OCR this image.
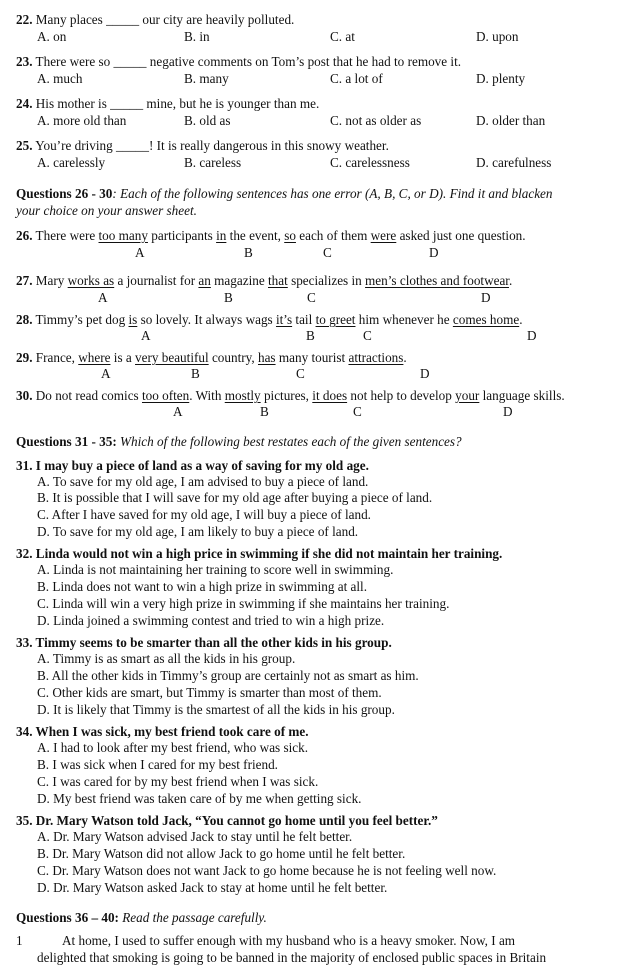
22. Many places _____ our city are heavily polluted.
A. on	B. in	C. at	D. upon
23. There were so _____ negative comments on Tom’s post that he had to remove it.
A. much	B. many	C. a lot of	D. plenty
24. His mother is _____ mine, but he is younger than me.
A. more old than	B. old as	C. not as older as	D. older than
25. You’re driving _____! It is really dangerous in this snowy weather.
A. carelessly	B. careless	C. carelessness	D. carefulness
Questions 26 - 30: Each of the following sentences has one error (A, B, C, or D). Find it and blacken
your choice on your answer sheet.
26. There were too many participants in the event, so each of them were asked just one question.
A	B	C	D
27. Mary works as a journalist for an magazine that specializes in men’s clothes and footwear.
A	B	C	D
28. Timmy’s pet dog is so lovely. It always wags it’s tail to greet him whenever he comes home.
A	B	C	D
29. France, where is a very beautiful country, has many tourist attractions.
A	B	C	D
30. Do not read comics too often. With mostly pictures, it does not help to develop your language skills.
A	B	C	D
Questions 31 - 35: Which of the following best restates each of the given sentences?
31. I may buy a piece of land as a way of saving for my old age.
A. To save for my old age, I am advised to buy a piece of land.
B. It is possible that I will save for my old age after buying a piece of land.
C. After I have saved for my old age, I will buy a piece of land.
D. To save for my old age, I am likely to buy a piece of land.
32. Linda would not win a high price in swimming if she did not maintain her training.
A. Linda is not maintaining her training to score well in swimming.
B. Linda does not want to win a high prize in swimming at all.
C. Linda will win a very high prize in swimming if she maintains her training.
D. Linda joined a swimming contest and tried to win a high prize.
33. Timmy seems to be smarter than all the other kids in his group.
A. Timmy is as smart as all the kids in his group.
B. All the other kids in Timmy’s group are certainly not as smart as him.
C. Other kids are smart, but Timmy is smarter than most of them.
D. It is likely that Timmy is the smartest of all the kids in his group.
34. When I was sick, my best friend took care of me.
A. I had to look after my best friend, who was sick.
B. I was sick when I cared for my best friend.
C. I was cared for by my best friend when I was sick.
D. My best friend was taken care of by me when getting sick.
35. Dr. Mary Watson told Jack, “You cannot go home until you feel better.”
A. Dr. Mary Watson advised Jack to stay until he felt better.
B. Dr. Mary Watson did not allow Jack to go home until he felt better.
C. Dr. Mary Watson does not want Jack to go home because he is not feeling well now.
D. Dr. Mary Watson asked Jack to stay at home until he felt better.
Questions 36 – 40: Read the passage carefully.
1	At home, I used to suffer enough with my husband who is a heavy smoker. Now, I am
delighted that smoking is going to be banned in the majority of enclosed public spaces in Britain
